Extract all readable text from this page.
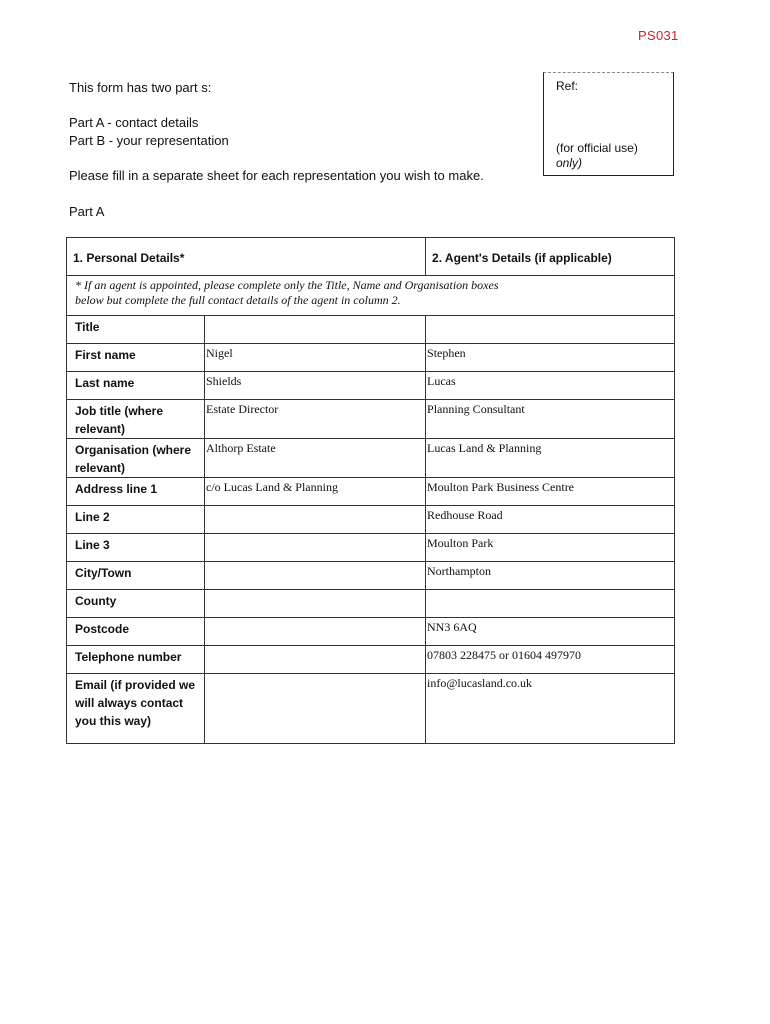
PS031
This form has two part s:
Part A - contact details
Part B - your representation
Please fill in a separate sheet for each representation you wish to make.
Ref:
(for official use)
only)
Part A
1. Personal Details*		2. Agent's Details (if applicable)

* If an agent is appointed, please complete only the Title, Name and Organisation boxes
below but complete the full contact details of the agent in column 2.		

Title		
First name	Nigel	Stephen
Last name	Shields	Lucas
Job title (where relevant)	Estate Director	Planning Consultant
Organisation (where relevant)	Althorp Estate	Lucas Land & Planning
Address line 1	c/o Lucas Land & Planning	Moulton Park Business Centre
Line 2		Redhouse Road
Line 3		Moulton Park
City/Town		Northampton
County		
Postcode		NN3 6AQ
Telephone number		07803 228475 or 01604 497970
Email (if provided we will always contact you this way)		info@lucasland.co.uk
